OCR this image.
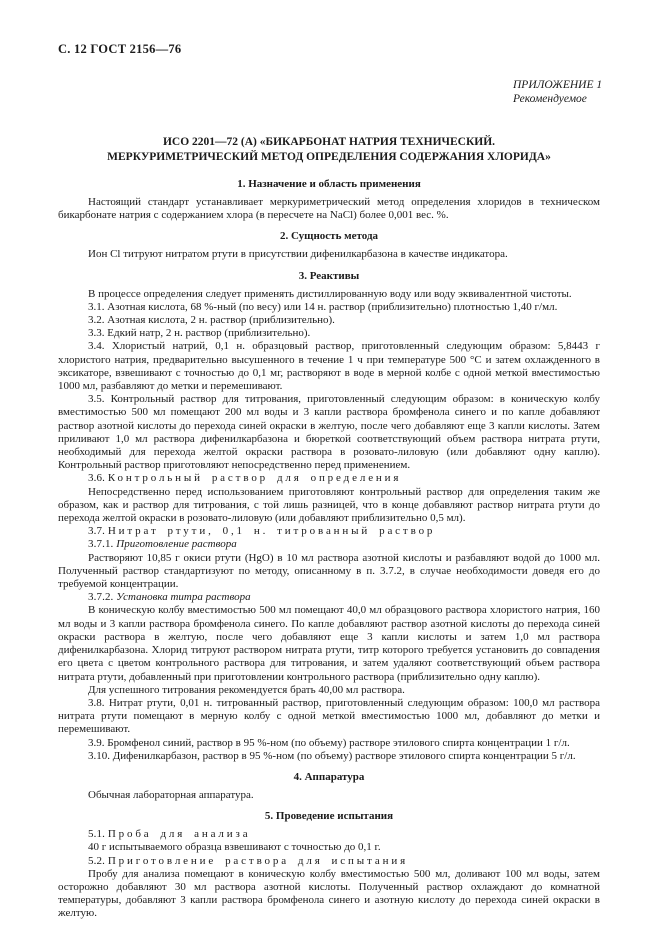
С. 12 ГОСТ 2156—76
ПРИЛОЖЕНИЕ 1
Рекомендуемое
ИСО 2201—72 (А) «БИКАРБОНАТ НАТРИЯ ТЕХНИЧЕСКИЙ.
МЕРКУРИМЕТРИЧЕСКИЙ МЕТОД ОПРЕДЕЛЕНИЯ СОДЕРЖАНИЯ ХЛОРИДА»
1. Назначение и область применения

Настоящий стандарт устанавливает меркуриметрический метод определения хлоридов в техническом бикарбонате натрия с содержанием хлора (в пересчете на NaCl) более 0,001 вес. %.

2. Сущность метода

Ион Cl титруют нитратом ртути в присутствии дифенилкарбазона в качестве индикатора.

3. Реактивы

В процессе определения следует применять дистиллированную воду или воду эквивалентной чистоты.

3.1. Азотная кислота, 68 %-ный (по весу) или 14 н. раствор (приблизительно) плотностью 1,40 г/мл.

3.2. Азотная кислота, 2 н. раствор (приблизительно).

3.3. Едкий натр, 2 н. раствор (приблизительно).

3.4. Хлористый натрий, 0,1 н. образцовый раствор, приготовленный следующим образом: 5,8443 г хлористого натрия, предварительно высушенного в течение 1 ч при температуре 500 °С и затем охлажденного в эксикаторе, взвешивают с точностью до 0,1 мг, растворяют в воде в мерной колбе с одной меткой вместимостью 1000 мл, разбавляют до метки и перемешивают.

3.5. Контрольный раствор для титрования, приготовленный следующим образом: в коническую колбу вместимостью 500 мл помещают 200 мл воды и 3 капли раствора бромфенола синего и по капле добавляют раствор азотной кислоты до перехода синей окраски в желтую, после чего добавляют еще 3 капли кислоты. Затем приливают 1,0 мл раствора дифенилкарбазона и бюреткой соответствующий объем раствора нитрата ртути, необходимый для перехода желтой окраски раствора в розовато-лиловую (или добавляют одну каплю). Контрольный раствор приготовляют непосредственно перед применением.

3.6. Контрольный раствор для определения

Непосредственно перед использованием приготовляют контрольный раствор для определения таким же образом, как и раствор для титрования, с той лишь разницей, что в конце добавляют раствор нитрата ртути до перехода желтой окраски в розовато-лиловую (или добавляют приблизительно 0,5 мл).

3.7. Нитрат ртути, 0,1 н. титрованный раствор

3.7.1. Приготовление раствора

Растворяют 10,85 г окиси ртути (HgO) в 10 мл раствора азотной кислоты и разбавляют водой до 1000 мл. Полученный раствор стандартизуют по методу, описанному в п. 3.7.2, в случае необходимости доведя его до требуемой концентрации.

3.7.2. Установка титра раствора

В коническую колбу вместимостью 500 мл помещают 40,0 мл образцового раствора хлористого натрия, 160 мл воды и 3 капли раствора бромфенола синего. По капле добавляют раствор азотной кислоты до перехода синей окраски раствора в желтую, после чего добавляют еще 3 капли кислоты и затем 1,0 мл раствора дифенилкарбазона. Хлорид титруют раствором нитрата ртути, титр которого требуется установить до совпадения его цвета с цветом контрольного раствора для титрования, и затем удаляют соответствующий объем раствора нитрата ртути, добавленный при приготовлении контрольного раствора (приблизительно одну каплю).

Для успешного титрования рекомендуется брать 40,00 мл раствора.

3.8. Нитрат ртути, 0,01 н. титрованный раствор, приготовленный следующим образом: 100,0 мл раствора нитрата ртути помещают в мерную колбу с одной меткой вместимостью 1000 мл, добавляют до метки и перемешивают.

3.9. Бромфенол синий, раствор в 95 %-ном (по объему) растворе этилового спирта концентрации 1 г/л.

3.10. Дифенилкарбазон, раствор в 95 %-ном (по объему) растворе этилового спирта концентрации 5 г/л.

4. Аппаратура

Обычная лабораторная аппаратура.

5. Проведение испытания

5.1. Проба для анализа

40 г испытываемого образца взвешивают с точностью до 0,1 г.

5.2. Приготовление раствора для испытания

Пробу для анализа помещают в коническую колбу вместимостью 500 мл, доливают 100 мл воды, затем осторожно добавляют 30 мл раствора азотной кислоты. Полученный раствор охлаждают до комнатной температуры, добавляют 3 капли раствора бромфенола синего и азотную кислоту до перехода синей окраски в желтую.
